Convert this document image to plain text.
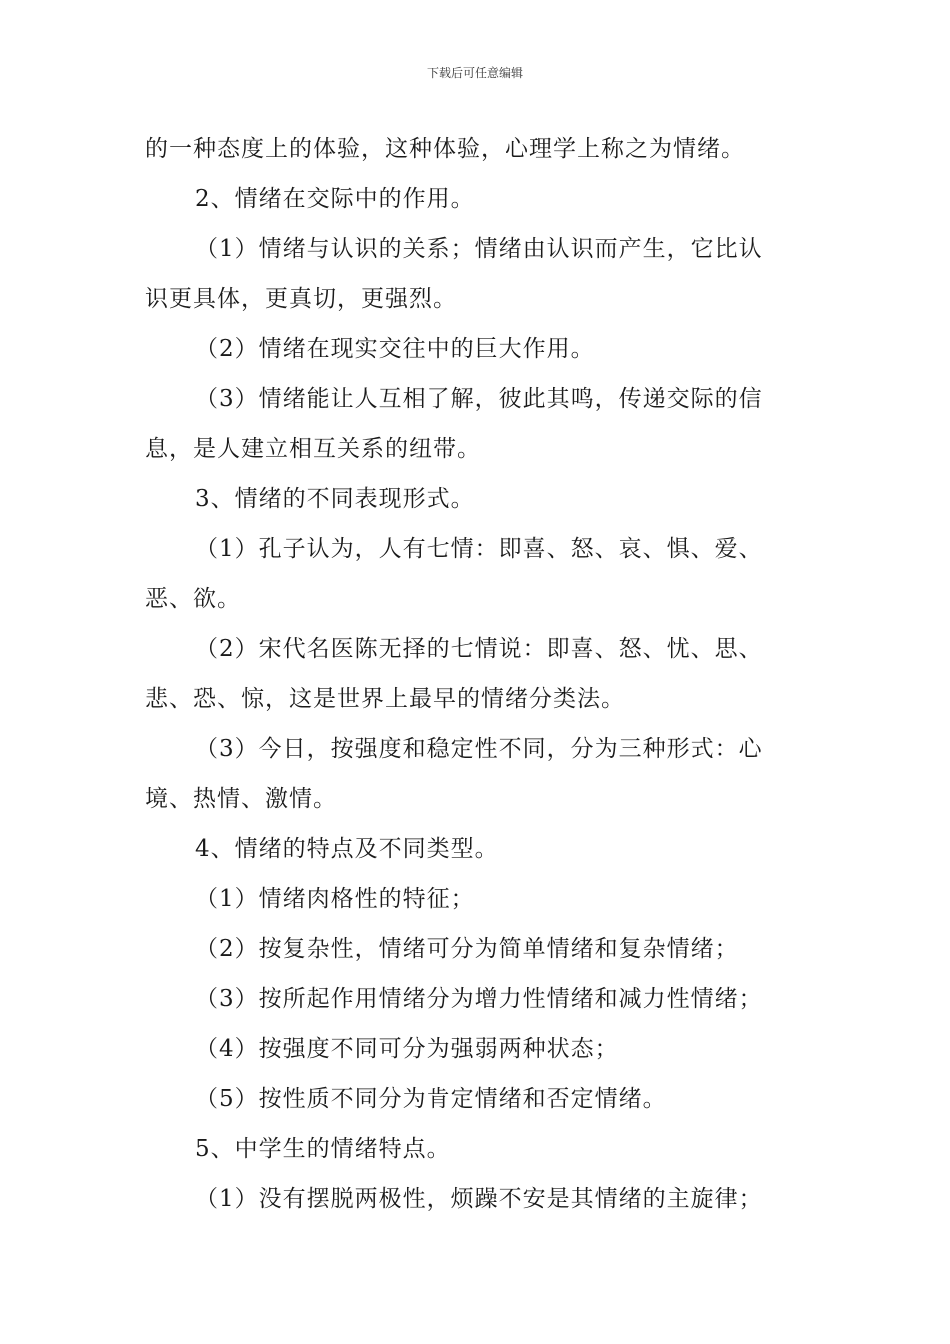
下载后可任意编辑
的一种态度上的体验，这种体验，心理学上称之为情绪。
2、情绪在交际中的作用。
（1）情绪与认识的关系；情绪由认识而产生，它比认
识更具体，更真切，更强烈。
（2）情绪在现实交往中的巨大作用。
（3）情绪能让人互相了解，彼此其鸣，传递交际的信
息，是人建立相互关系的纽带。
3、情绪的不同表现形式。
（1）孔子认为，人有七情：即喜、怒、哀、惧、爱、
恶、欲。
（2）宋代名医陈无择的七情说：即喜、怒、忧、思、
悲、恐、惊，这是世界上最早的情绪分类法。
（3）今日，按强度和稳定性不同，分为三种形式：心
境、热情、激情。
4、情绪的特点及不同类型。
（1）情绪肉格性的特征；
（2）按复杂性，情绪可分为简单情绪和复杂情绪；
（3）按所起作用情绪分为增力性情绪和减力性情绪；
（4）按强度不同可分为强弱两种状态；
（5）按性质不同分为肯定情绪和否定情绪。
5、中学生的情绪特点。
（1）没有摆脱两极性，烦躁不安是其情绪的主旋律；
